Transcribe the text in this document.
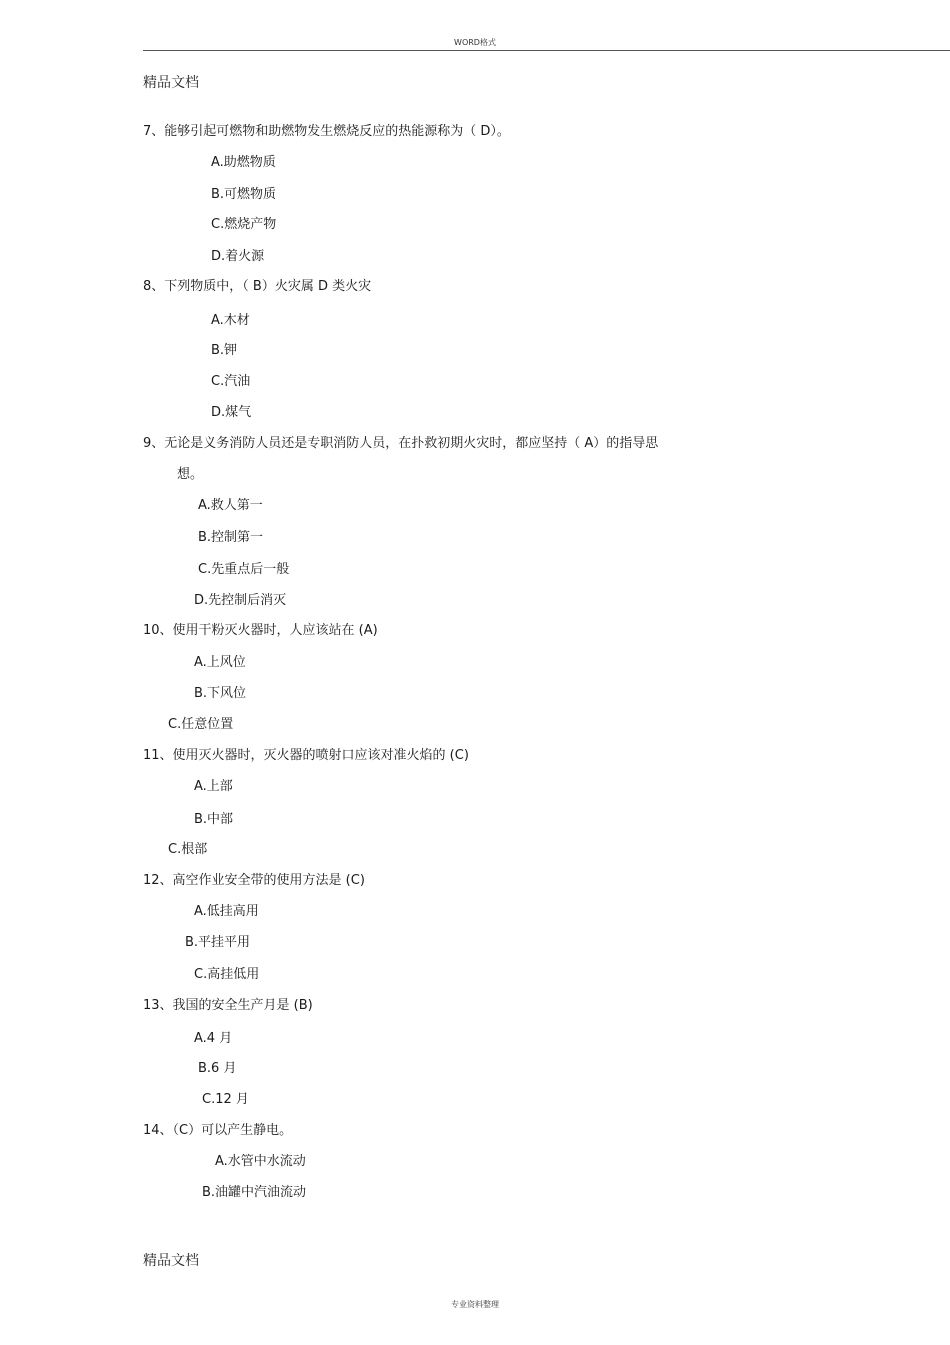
WORD格式
精品文档
7、能够引起可燃物和助燃物发生燃烧反应的热能源称为（ D）。
A.助燃物质
B.可燃物质
C.燃烧产物
D.着火源
8、下列物质中，（ B）火灾属 D 类火灾
A.木材
B.钾
C.汽油
D.煤气
9、无论是义务消防人员还是专职消防人员，在扑救初期火灾时，都应坚持（ A）的指导思
想。
A.救人第一
B.控制第一
C.先重点后一般
D.先控制后消灭
10、使用干粉灭火器时，人应该站在 (A)
A.上风位
B.下风位
C.任意位置
11、使用灭火器时，灭火器的喷射口应该对准火焰的 (C)
A.上部
B.中部
C.根部
12、高空作业安全带的使用方法是 (C)
A.低挂高用
B.平挂平用
C.高挂低用
13、我国的安全生产月是 (B)
A.4 月
B.6 月
C.12 月
14、（C）可以产生静电。
A.水管中水流动
B.油罐中汽油流动
精品文档
专业资料整理
